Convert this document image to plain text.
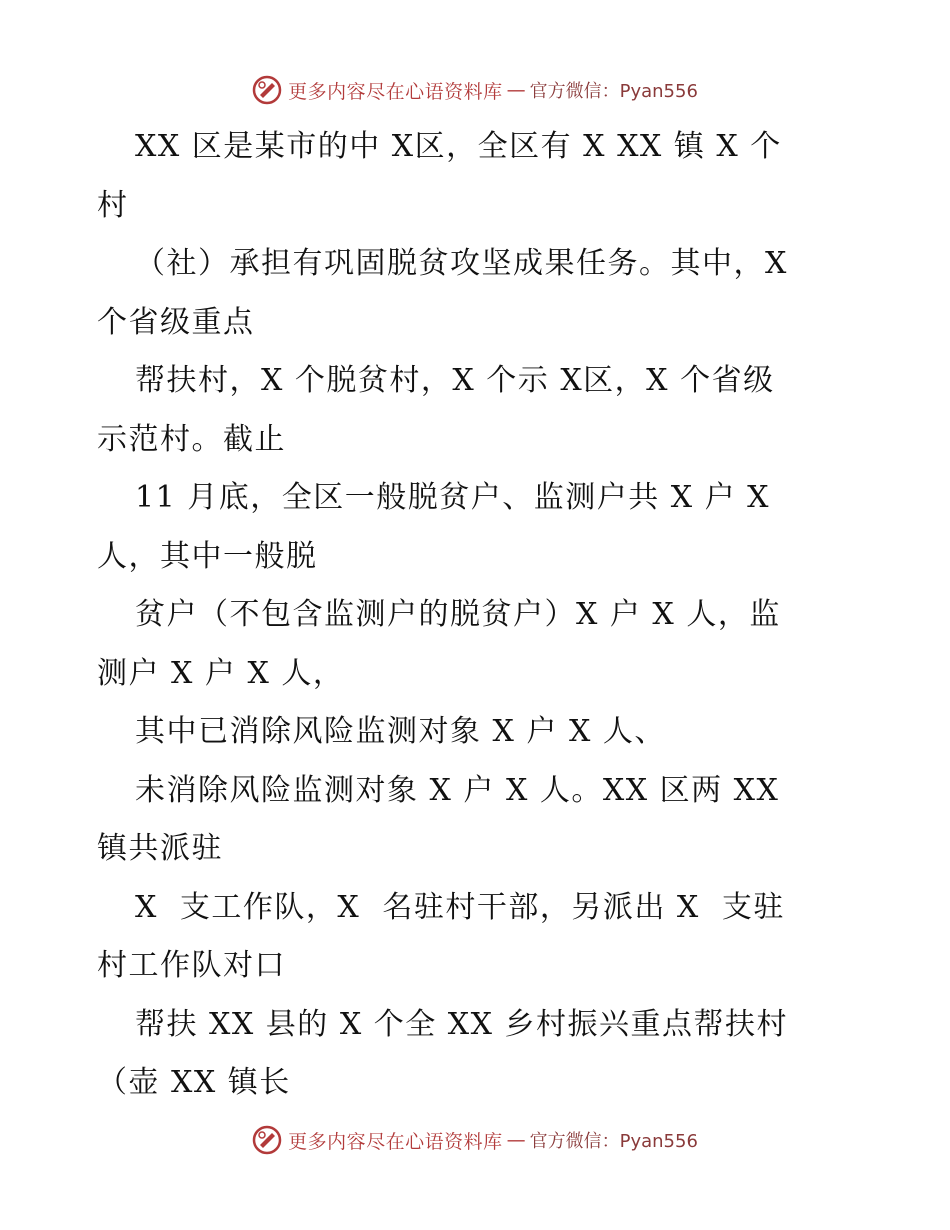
更多内容尽在心语资料库 — 官方微信：Pyan556
XX 区是某市的中 X区，全区有 X XX 镇 X 个
村
（社）承担有巩固脱贫攻坚成果任务。其中，X
个省级重点
帮扶村，X 个脱贫村，X 个示 X区，X 个省级
示范村。截止
11 月底，全区一般脱贫户、监测户共 X 户 X
人，其中一般脱
贫户（不包含监测户的脱贫户）X 户 X 人，监
测户 X 户 X 人，
其中已消除风险监测对象 X 户 X 人、
未消除风险监测对象 X 户 X 人。XX 区两 XX
镇共派驻
X  支工作队，X  名驻村干部，另派出 X  支驻
村工作队对口
帮扶 XX 县的 X 个全 XX 乡村振兴重点帮扶村
（壶 XX 镇长
更多内容尽在心语资料库 — 官方微信：Pyan556
